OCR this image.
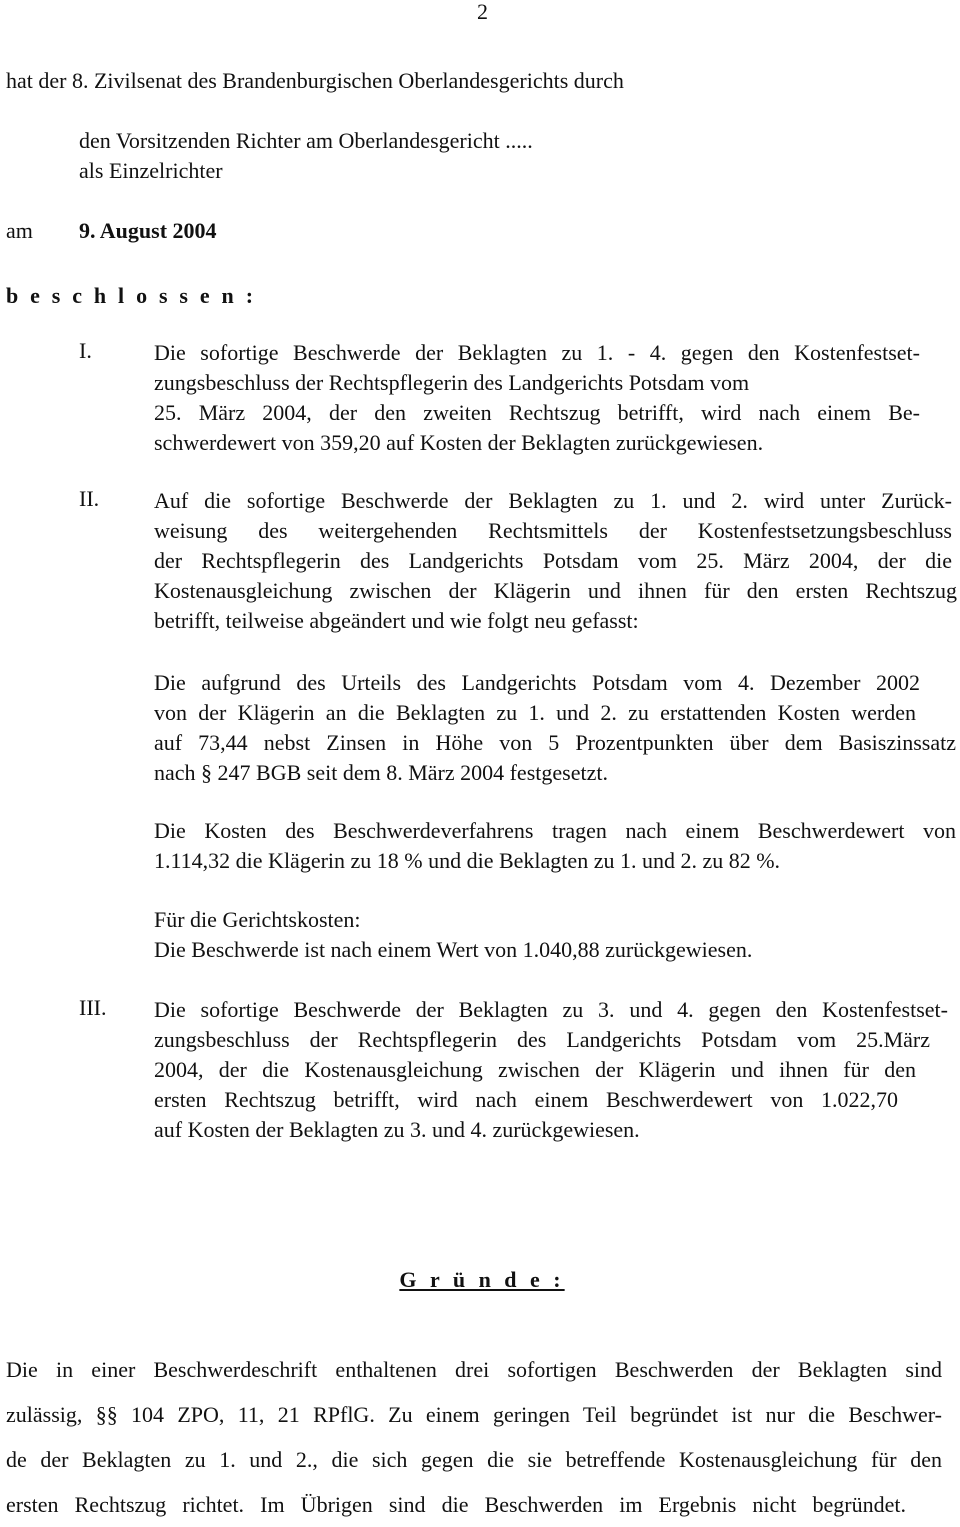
2
hat der 8. Zivilsenat des Brandenburgischen Oberlandesgerichts durch
den Vorsitzenden Richter am Oberlandesgericht .....
als Einzelrichter
am 9. August 2004
b e s c h l o s s e n :
I.	Die sofortige Beschwerde der Beklagten zu 1. - 4. gegen den Kostenfestset-
zungsbeschluss der Rechtspflegerin des Landgerichts Potsdam vom
25. März 2004, der den zweiten Rechtszug betrifft, wird nach einem Be-
schwerdewert von 359,20 auf Kosten der Beklagten zurückgewiesen.
II.	Auf die sofortige Beschwerde der Beklagten zu 1. und 2. wird unter Zurück-
weisung des weitergehenden Rechtsmittels der Kostenfestsetzungsbeschluss
der Rechtspflegerin des Landgerichts Potsdam vom 25. März 2004, der die
Kostenausgleichung zwischen der Klägerin und ihnen für den ersten Rechtszug
betrifft, teilweise abgeändert und wie folgt neu gefasst:
Die aufgrund des Urteils des Landgerichts Potsdam vom 4. Dezember 2002
von der Klägerin an die Beklagten zu 1. und 2. zu erstattenden Kosten werden
auf 73,44 nebst Zinsen in Höhe von 5 Prozentpunkten über dem Basiszinssatz
nach § 247 BGB seit dem 8. März 2004 festgesetzt.
Die Kosten des Beschwerdeverfahrens tragen nach einem Beschwerdewert von
1.114,32 die Klägerin zu 18 % und die Beklagten zu 1. und 2. zu 82 %.
Für die Gerichtskosten:
Die Beschwerde ist nach einem Wert von 1.040,88 zurückgewiesen.
III.	Die sofortige Beschwerde der Beklagten zu 3. und 4. gegen den Kostenfestset-
zungsbeschluss der Rechtspflegerin des Landgerichts Potsdam vom 25.März
2004, der die Kostenausgleichung zwischen der Klägerin und ihnen für den
ersten Rechtszug betrifft, wird nach einem Beschwerdewert von 1.022,70
auf Kosten der Beklagten zu 3. und 4. zurückgewiesen.
G r ü n d e :
Die in einer Beschwerdeschrift enthaltenen drei sofortigen Beschwerden der Beklagten sind
zulässig, §§ 104 ZPO, 11, 21 RPflG. Zu einem geringen Teil begründet ist nur die Beschwer-
de der Beklagten zu 1. und 2., die sich gegen die sie betreffende Kostenausgleichung für den
ersten Rechtszug richtet. Im Übrigen sind die Beschwerden im Ergebnis nicht begründet.
